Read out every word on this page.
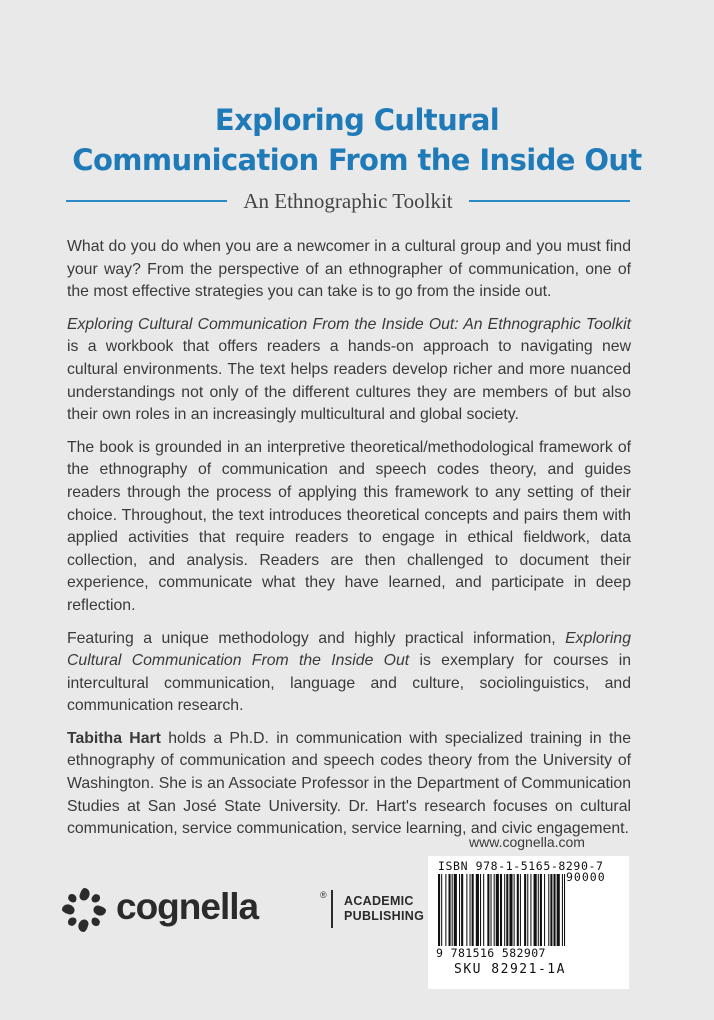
Exploring Cultural
Communication From the Inside Out
An Ethnographic Toolkit

What do you do when you are a newcomer in a cultural group and you must find your way? From the perspective of an ethnographer of communication, one of the most effective strategies you can take is to go from the inside out.

Exploring Cultural Communication From the Inside Out: An Ethnographic Toolkit is a workbook that offers readers a hands-on approach to navigating new cultural environments. The text helps readers develop richer and more nuanced understandings not only of the different cultures they are members of but also their own roles in an increasingly multicultural and global society.

The book is grounded in an interpretive theoretical/methodological framework of the ethnography of communication and speech codes theory, and guides readers through the process of applying this framework to any setting of their choice. Throughout, the text introduces theoretical concepts and pairs them with applied activities that require readers to engage in ethical fieldwork, data collection, and analysis. Readers are then challenged to document their experience, communicate what they have learned, and participate in deep reflection.

Featuring a unique methodology and highly practical information, Exploring Cultural Communication From the Inside Out is exemplary for courses in intercultural communication, language and culture, sociolinguistics, and communication research.

Tabitha Hart holds a Ph.D. in communication with specialized training in the ethnography of communication and speech codes theory from the University of Washington. She is an Associate Professor in the Department of Communication Studies at San José State University. Dr. Hart's research focuses on cultural communication, service communication, service learning, and civic engagement.

www.cognella.com
ISBN 978-1-5165-8290-7
90000
9 781516 582907
SKU 82921-1A
cognella	® ACADEMIC
PUBLISHING
